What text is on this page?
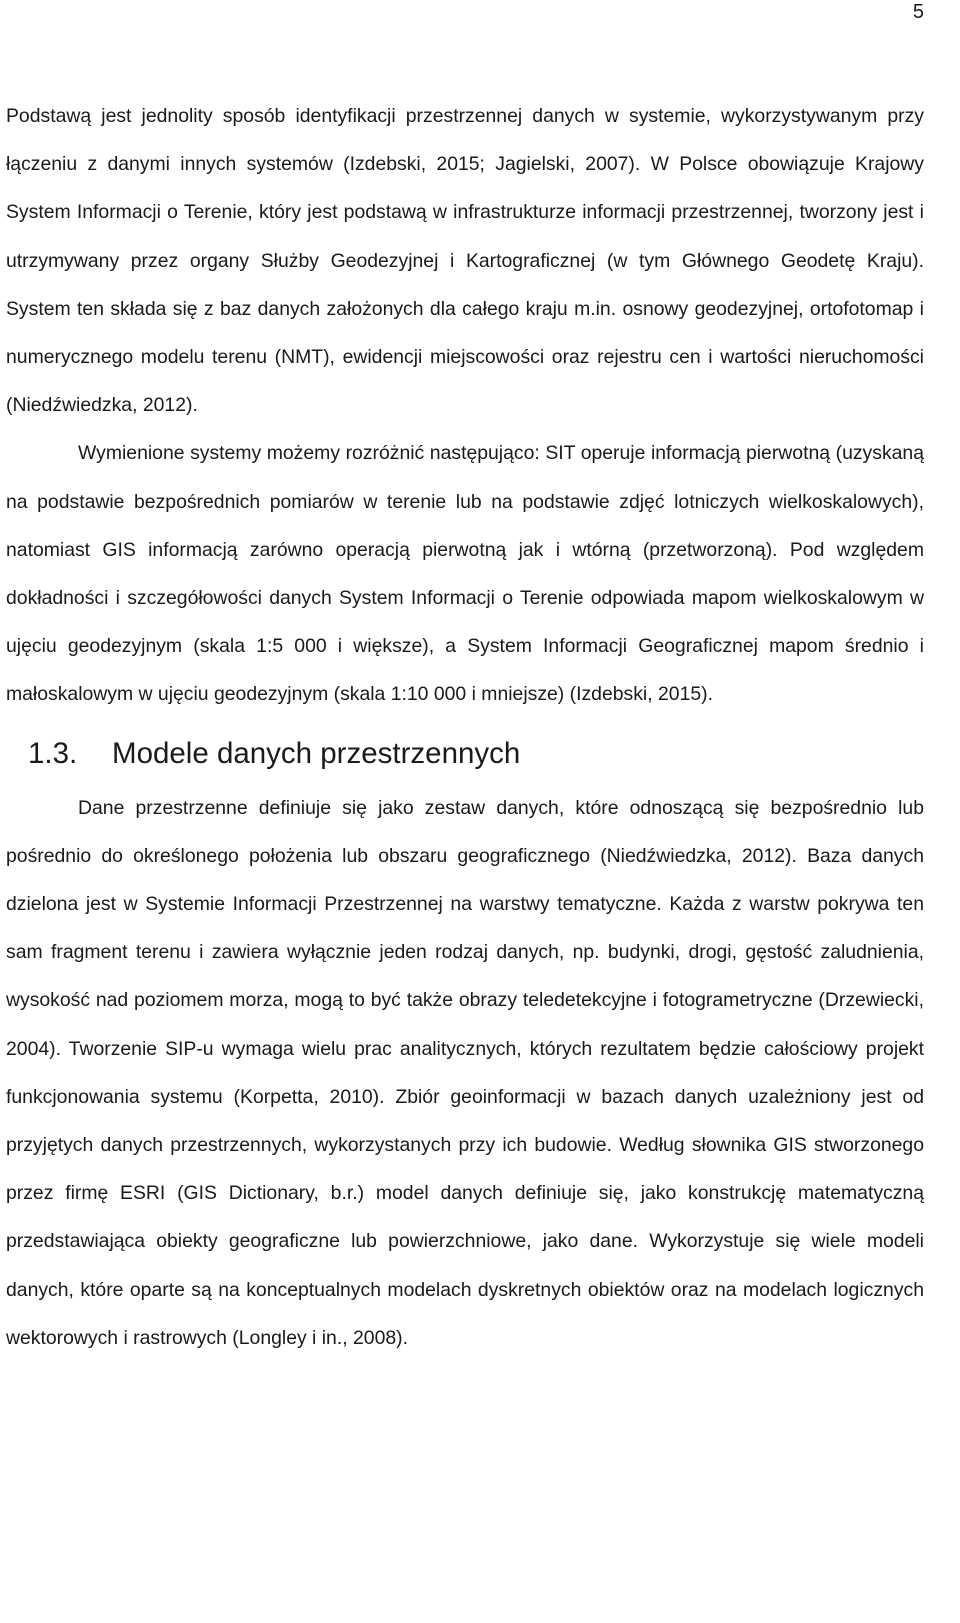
5

Podstawą jest jednolity sposób identyfikacji przestrzennej danych w systemie, wykorzystywanym przy łączeniu z danymi innych systemów (Izdebski, 2015; Jagielski, 2007). W Polsce obowiązuje Krajowy System Informacji o Terenie, który jest podstawą w infrastrukturze informacji przestrzennej, tworzony jest i utrzymywany przez organy Służby Geodezyjnej i Kartograficznej (w tym Głównego Geodetę Kraju). System ten składa się z baz danych założonych dla całego kraju m.in. osnowy geodezyjnej, ortofotomap i numerycznego modelu terenu (NMT), ewidencji miejscowości oraz rejestru cen i wartości nieruchomości (Niedźwiedzka, 2012).

Wymienione systemy możemy rozróżnić następująco: SIT operuje informacją pierwotną (uzyskaną na podstawie bezpośrednich pomiarów w terenie lub na podstawie zdjęć lotniczych wielkoskalowych), natomiast GIS informacją zarówno operacją pierwotną jak i wtórną (przetworzoną). Pod względem dokładności i szczegółowości danych System Informacji o Terenie odpowiada mapom wielkoskalowym w ujęciu geodezyjnym (skala 1:5 000 i większe), a System Informacji Geograficznej mapom średnio i małoskalowym w ujęciu geodezyjnym (skala 1:10 000 i mniejsze) (Izdebski, 2015).

1.3.	Modele danych przestrzennych

Dane przestrzenne definiuje się jako zestaw danych, które odnoszącą się bezpośrednio lub pośrednio do określonego położenia lub obszaru geograficznego (Niedźwiedzka, 2012). Baza danych dzielona jest w Systemie Informacji Przestrzennej na warstwy tematyczne. Każda z warstw pokrywa ten sam fragment terenu i zawiera wyłącznie jeden rodzaj danych, np. budynki, drogi, gęstość zaludnienia, wysokość nad poziomem morza, mogą to być także obrazy teledetekcyjne i fotogrametryczne (Drzewiecki, 2004). Tworzenie SIP-u wymaga wielu prac analitycznych, których rezultatem będzie całościowy projekt funkcjonowania systemu (Korpetta, 2010). Zbiór geoinformacji w bazach danych uzależniony jest od przyjętych danych przestrzennych, wykorzystanych przy ich budowie. Według słownika GIS stworzonego przez firmę ESRI (GIS Dictionary, b.r.) model danych definiuje się, jako konstrukcję matematyczną przedstawiająca obiekty geograficzne lub powierzchniowe, jako dane. Wykorzystuje się wiele modeli danych, które oparte są na konceptualnych modelach dyskretnych obiektów oraz na modelach logicznych wektorowych i rastrowych (Longley i in., 2008).
